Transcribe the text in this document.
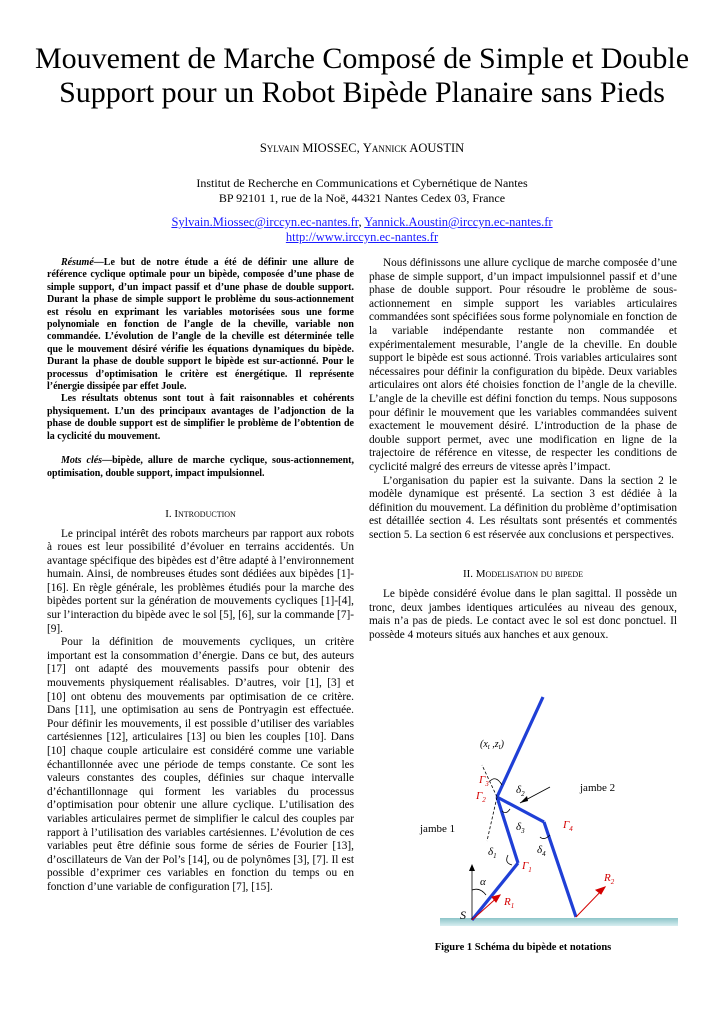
Mouvement de Marche Composé de Simple et Double Support pour un Robot Bipède Planaire sans Pieds
Sylvain MIOSSEC, Yannick AOUSTIN
Institut de Recherche en Communications et Cybernétique de Nantes
BP 92101 1, rue de la Noë, 44321 Nantes Cedex 03, France
Sylvain.Miossec@irccyn.ec-nantes.fr, Yannick.Aoustin@irccyn.ec-nantes.fr
http://www.irccyn.ec-nantes.fr

Résumé—Le but de notre étude a été de définir une allure de référence cyclique optimale pour un bipède, composée d’une phase de simple support, d’un impact passif et d’une phase de double support. Durant la phase de simple support le problème du sous-actionnement est résolu en exprimant les variables motorisées sous une forme polynomiale en fonction de l’angle de la cheville, variable non commandée. L’évolution de l’angle de la cheville est déterminée telle que le mouvement désiré vérifie les équations dynamiques du bipède. Durant la phase de double support le bipède est sur-actionné. Pour le processus d’optimisation le critère est énergétique. Il représente l’énergie dissipée par effet Joule.

Les résultats obtenus sont tout à fait raisonnables et cohérents physiquement. L’un des principaux avantages de l’adjonction de la phase de double support est de simplifier le problème de l’obtention de la cyclicité du mouvement.

Mots clés—bipède, allure de marche cyclique, sous-actionnement, optimisation, double support, impact impulsionnel.

I. Introduction

Le principal intérêt des robots marcheurs par rapport aux robots à roues est leur possibilité d’évoluer en terrains accidentés. Un avantage spécifique des bipèdes est d’être adapté à l’environnement humain. Ainsi, de nombreuses études sont dédiées aux bipèdes [1]-[16]. En règle générale, les problèmes étudiés pour la marche des bipèdes portent sur la génération de mouvements cycliques [1]-[4], sur l’interaction du bipède avec le sol [5], [6], sur la commande [7]-[9].

Pour la définition de mouvements cycliques, un critère important est la consommation d’énergie. Dans ce but, des auteurs [17] ont adapté des mouvements passifs pour obtenir des mouvements physiquement réalisables. D’autres, voir [1], [3] et [10] ont obtenu des mouvements par optimisation de ce critère. Dans [11], une optimisation au sens de Pontryagin est effectuée. Pour définir les mouvements, il est possible d’utiliser des variables cartésiennes [12], articulaires [13] ou bien les couples [10]. Dans [10] chaque couple articulaire est considéré comme une variable échantillonnée avec une période de temps constante. Ce sont les valeurs constantes des couples, définies sur chaque intervalle d’échantillonnage qui forment les variables du processus d’optimisation pour obtenir une allure cyclique. L’utilisation des variables articulaires permet de simplifier le calcul des couples par rapport à l’utilisation des variables cartésiennes. L’évolution de ces variables peut être définie sous forme de séries de Fourier [13], d’oscillateurs de Van der Pol’s [14], ou de polynômes [3], [7]. Il est possible d’exprimer ces variables en fonction du temps ou en fonction d’une variable de configuration [7], [15].

Nous définissons une allure cyclique de marche composée d’une phase de simple support, d’un impact impulsionnel passif et d’une phase de double support. Pour résoudre le problème de sous-actionnement en simple support les variables articulaires commandées sont spécifiées sous forme polynomiale en fonction de la variable indépendante restante non commandée et expérimentalement mesurable, l’angle de la cheville. En double support le bipède est sous actionné. Trois variables articulaires sont nécessaires pour définir la configuration du bipède. Deux variables articulaires ont alors été choisies fonction de l’angle de la cheville. L’angle de la cheville est défini fonction du temps. Nous supposons pour définir le mouvement que les variables commandées suivent exactement le mouvement désiré. L’introduction de la phase de double support permet, avec une modification en ligne de la trajectoire de référence en vitesse, de respecter les conditions de cyclicité malgré des erreurs de vitesse après l’impact.

L’organisation du papier est la suivante. Dans la section 2 le modèle dynamique est présenté. La section 3 est dédiée à la définition du mouvement. La définition du problème d’optimisation est détaillée section 4. Les résultats sont présentés et commentés section 5. La section 6 est réservée aux conclusions et perspectives.

II. Modelisation du bipede

Le bipède considéré évolue dans le plan sagittal. Il possède un tronc, deux jambes identiques articulées au niveau des genoux, mais n’a pas de pieds. Le contact avec le sol est donc ponctuel. Il possède 4 moteurs situés aux hanches et aux genoux.

($x_t$ $,z_t$)
jambe 2
jambe 1
$\Gamma_3$
$\Gamma_2$
$\delta_2$
$\delta_3$	$\Gamma_4$
$\delta_4$
$\delta_1$
$\Gamma_1$
α
$R_1$
$R_2$
S
Figure 1 Schéma du bipède et notations
